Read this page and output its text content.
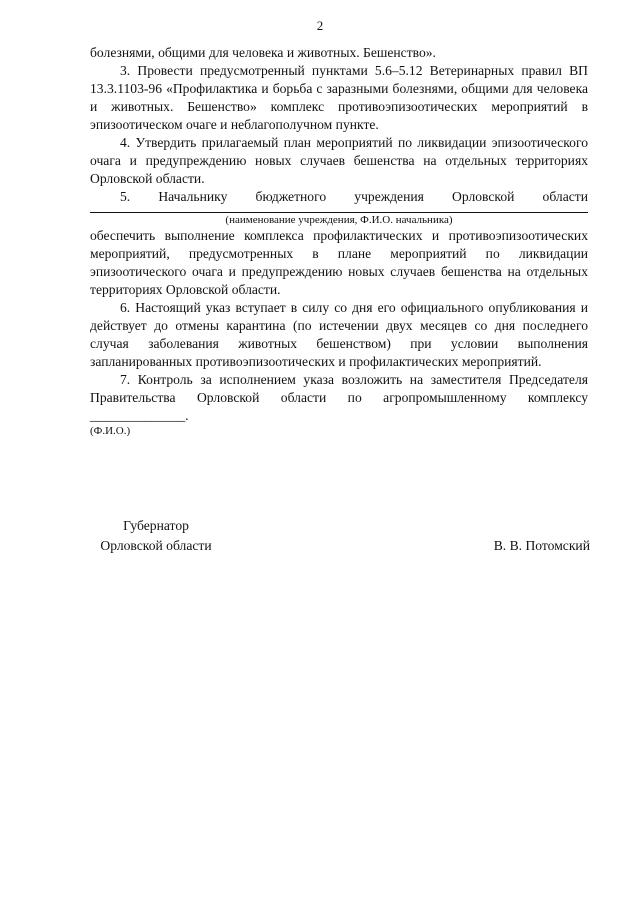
2

болезнями, общими для человека и животных. Бешенство».

3. Провести предусмотренный пунктами 5.6–5.12 Ветеринарных правил ВП 13.3.1103-96 «Профилактика и борьба с заразными болезнями, общими для человека и животных. Бешенство» комплекс противоэпизоотических мероприятий в эпизоотическом очаге и неблагополучном пункте.

4. Утвердить прилагаемый план мероприятий по ликвидации эпизоотического очага и предупреждению новых случаев бешенства на отдельных территориях Орловской области.

5. Начальнику бюджетного учреждения Орловской области

(наименование учреждения, Ф.И.О. начальника)

обеспечить выполнение комплекса профилактических и противоэпизоотических мероприятий, предусмотренных в плане мероприятий по ликвидации эпизоотического очага и предупреждению новых случаев бешенства на отдельных территориях Орловской области.

6. Настоящий указ вступает в силу со дня его официального опубликования и действует до отмены карантина (по истечении двух месяцев со дня последнего случая заболевания животных бешенством) при условии выполнения запланированных противоэпизоотических и профилактических мероприятий.

7. Контроль за исполнением указа возложить на заместителя Председателя Правительства Орловской области по агропромышленному комплексу ______________.

(Ф.И.О.)

Губернатор
Орловской области	В. В. Потомский
